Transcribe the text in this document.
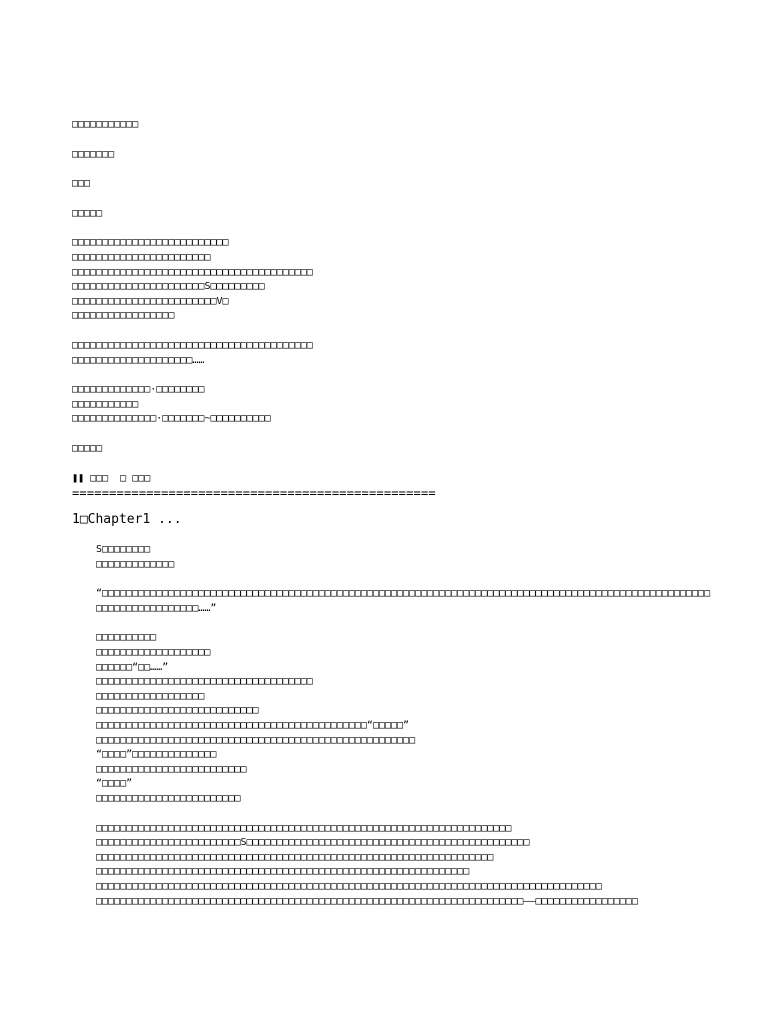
□□□□□□□□□□□
□□□□□□□
□□□
□□□□□
□□□□□□□□□□□□□□□□□□□□□□□□□□
□□□□□□□□□□□□□□□□□□□□□□□
□□□□□□□□□□□□□□□□□□□□□□□□□□□□□□□□□□□□□□□□
□□□□□□□□□□□□□□□□□□□□□□S□□□□□□□□□
□□□□□□□□□□□□□□□□□□□□□□□□V□
□□□□□□□□□□□□□□□□□
□□□□□□□□□□□□□□□□□□□□□□□□□□□□□□□□□□□□□□□□
□□□□□□□□□□□□□□□□□□□□……
□□□□□□□□□□□□□·□□□□□□□□
□□□□□□□□□□□
□□□□□□□□□□□□□□·□□□□□□□~□□□□□□□□□□
□□□□□
❚❚ □□□  □ □□□
=================================================
1□Chapter1 ...
S□□□□□□□□
□□□□□□□□□□□□□
“□□□□□□□□□□□□□□□□□□□□□□□□□□□□□□□□□□□□□□□□□□□□□□□□□□□□□□□□□□□□□□□□□□□□□□□□□□□□□□□□□□□□□□□□□□□□□□□□□□□□□□□□□□□□□□□□□□□□□□……”
□□□□□□□□□□
□□□□□□□□□□□□□□□□□□□
□□□□□□“□□……”
□□□□□□□□□□□□□□□□□□□□□□□□□□□□□□□□□□□□
□□□□□□□□□□□□□□□□□□
□□□□□□□□□□□□□□□□□□□□□□□□□□□
□□□□□□□□□□□□□□□□□□□□□□□□□□□□□□□□□□□□□□□□□□□□□“□□□□□”
□□□□□□□□□□□□□□□□□□□□□□□□□□□□□□□□□□□□□□□□□□□□□□□□□□□□□
“□□□□”□□□□□□□□□□□□□□
□□□□□□□□□□□□□□□□□□□□□□□□□
“□□□□”
□□□□□□□□□□□□□□□□□□□□□□□□
□□□□□□□□□□□□□□□□□□□□□□□□□□□□□□□□□□□□□□□□□□□□□□□□□□□□□□□□□□□□□□□□□□□□□
□□□□□□□□□□□□□□□□□□□□□□□□S□□□□□□□□□□□□□□□□□□□□□□□□□□□□□□□□□□□□□□□□□□□□□□□
□□□□□□□□□□□□□□□□□□□□□□□□□□□□□□□□□□□□□□□□□□□□□□□□□□□□□□□□□□□□□□□□□□
□□□□□□□□□□□□□□□□□□□□□□□□□□□□□□□□□□□□□□□□□□□□□□□□□□□□□□□□□□□□□□
□□□□□□□□□□□□□□□□□□□□□□□□□□□□□□□□□□□□□□□□□□□□□□□□□□□□□□□□□□□□□□□□□□□□□□□□□□□□□□□□□□□□
□□□□□□□□□□□□□□□□□□□□□□□□□□□□□□□□□□□□□□□□□□□□□□□□□□□□□□□□□□□□□□□□□□□□□□□——□□□□□□□□□□□□□□□□□
